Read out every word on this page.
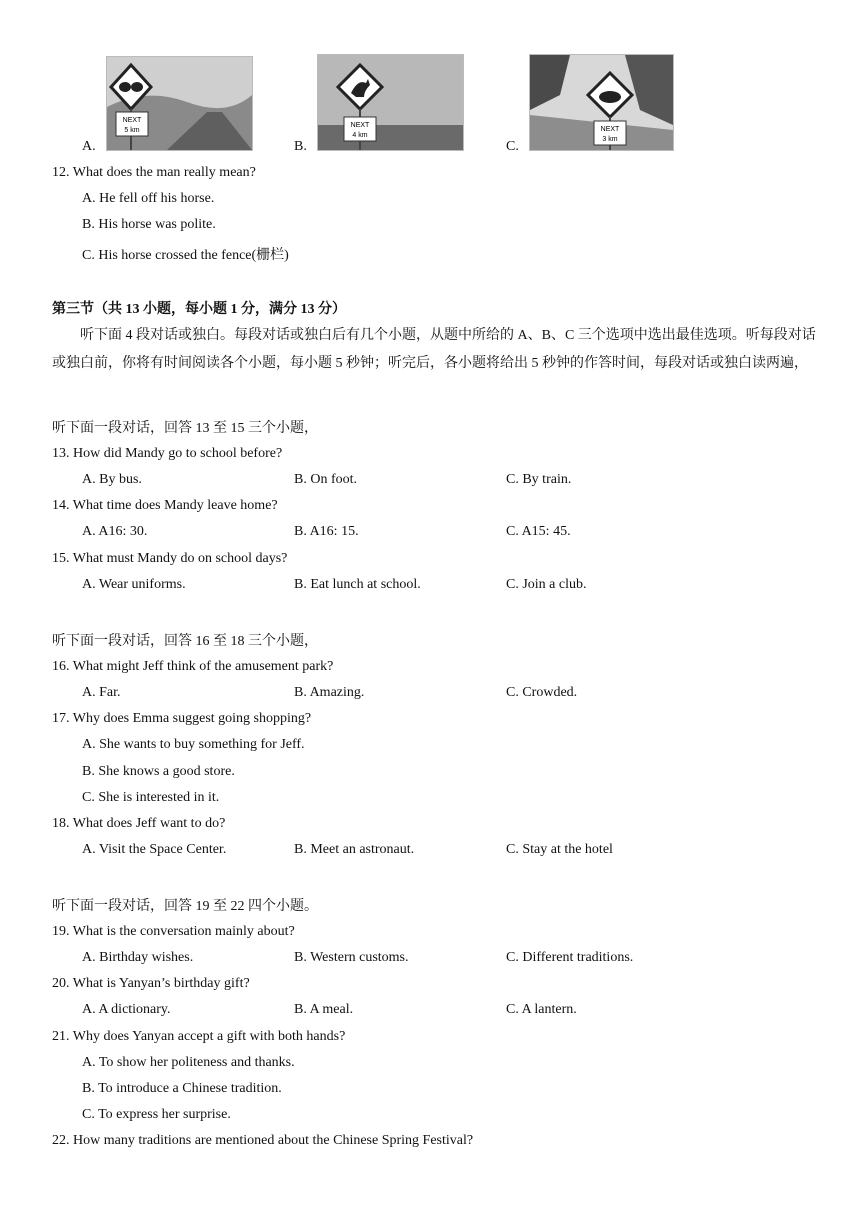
A.
NEXT
5 km
B.
NEXT
4 km
C.
NEXT
3 km
12. What does the man really mean?
A. He fell off his horse.
B. His horse was polite.
C. His horse crossed the fence(栅栏)
第三节（共 13 小题，每小题 1 分，满分 13 分）
听下面 4 段对话或独白。每段对话或独白后有几个小题，从题中所给的 A、B、C 三个选项中选出最佳选项。听每段对话或独白前，你将有时间阅读各个小题，每小题 5 秒钟；听完后，各小题将给出 5 秒钟的作答时间，每段对话或独白读两遍，
听下面一段对话，回答 13 至 15 三个小题，
13. How did Mandy go to school before?
A. By bus.	B. On foot.	C. By train.
14. What time does Mandy leave home?
A. A16: 30.	B. A16: 15.	C. A15: 45.
15. What must Mandy do on school days?
A. Wear uniforms.	B. Eat lunch at school.	C. Join a club.
听下面一段对话，回答 16 至 18 三个小题，
16. What might Jeff think of the amusement park?
A. Far.	B. Amazing.	C. Crowded.
17. Why does Emma suggest going shopping?
A. She wants to buy something for Jeff.
B. She knows a good store.
C. She is interested in it.
18. What does Jeff want to do?
A. Visit the Space Center.	B. Meet an astronaut.	C. Stay at the hotel
听下面一段对话，回答 19 至 22 四个小题。
19. What is the conversation mainly about?
A. Birthday wishes.	B. Western customs.	C. Different traditions.
20. What is Yanyan’s birthday gift?
A. A dictionary.	B. A meal.	C. A lantern.
21. Why does Yanyan accept a gift with both hands?
A. To show her politeness and thanks.
B. To introduce a Chinese tradition.
C. To express her surprise.
22. How many traditions are mentioned about the Chinese Spring Festival?
